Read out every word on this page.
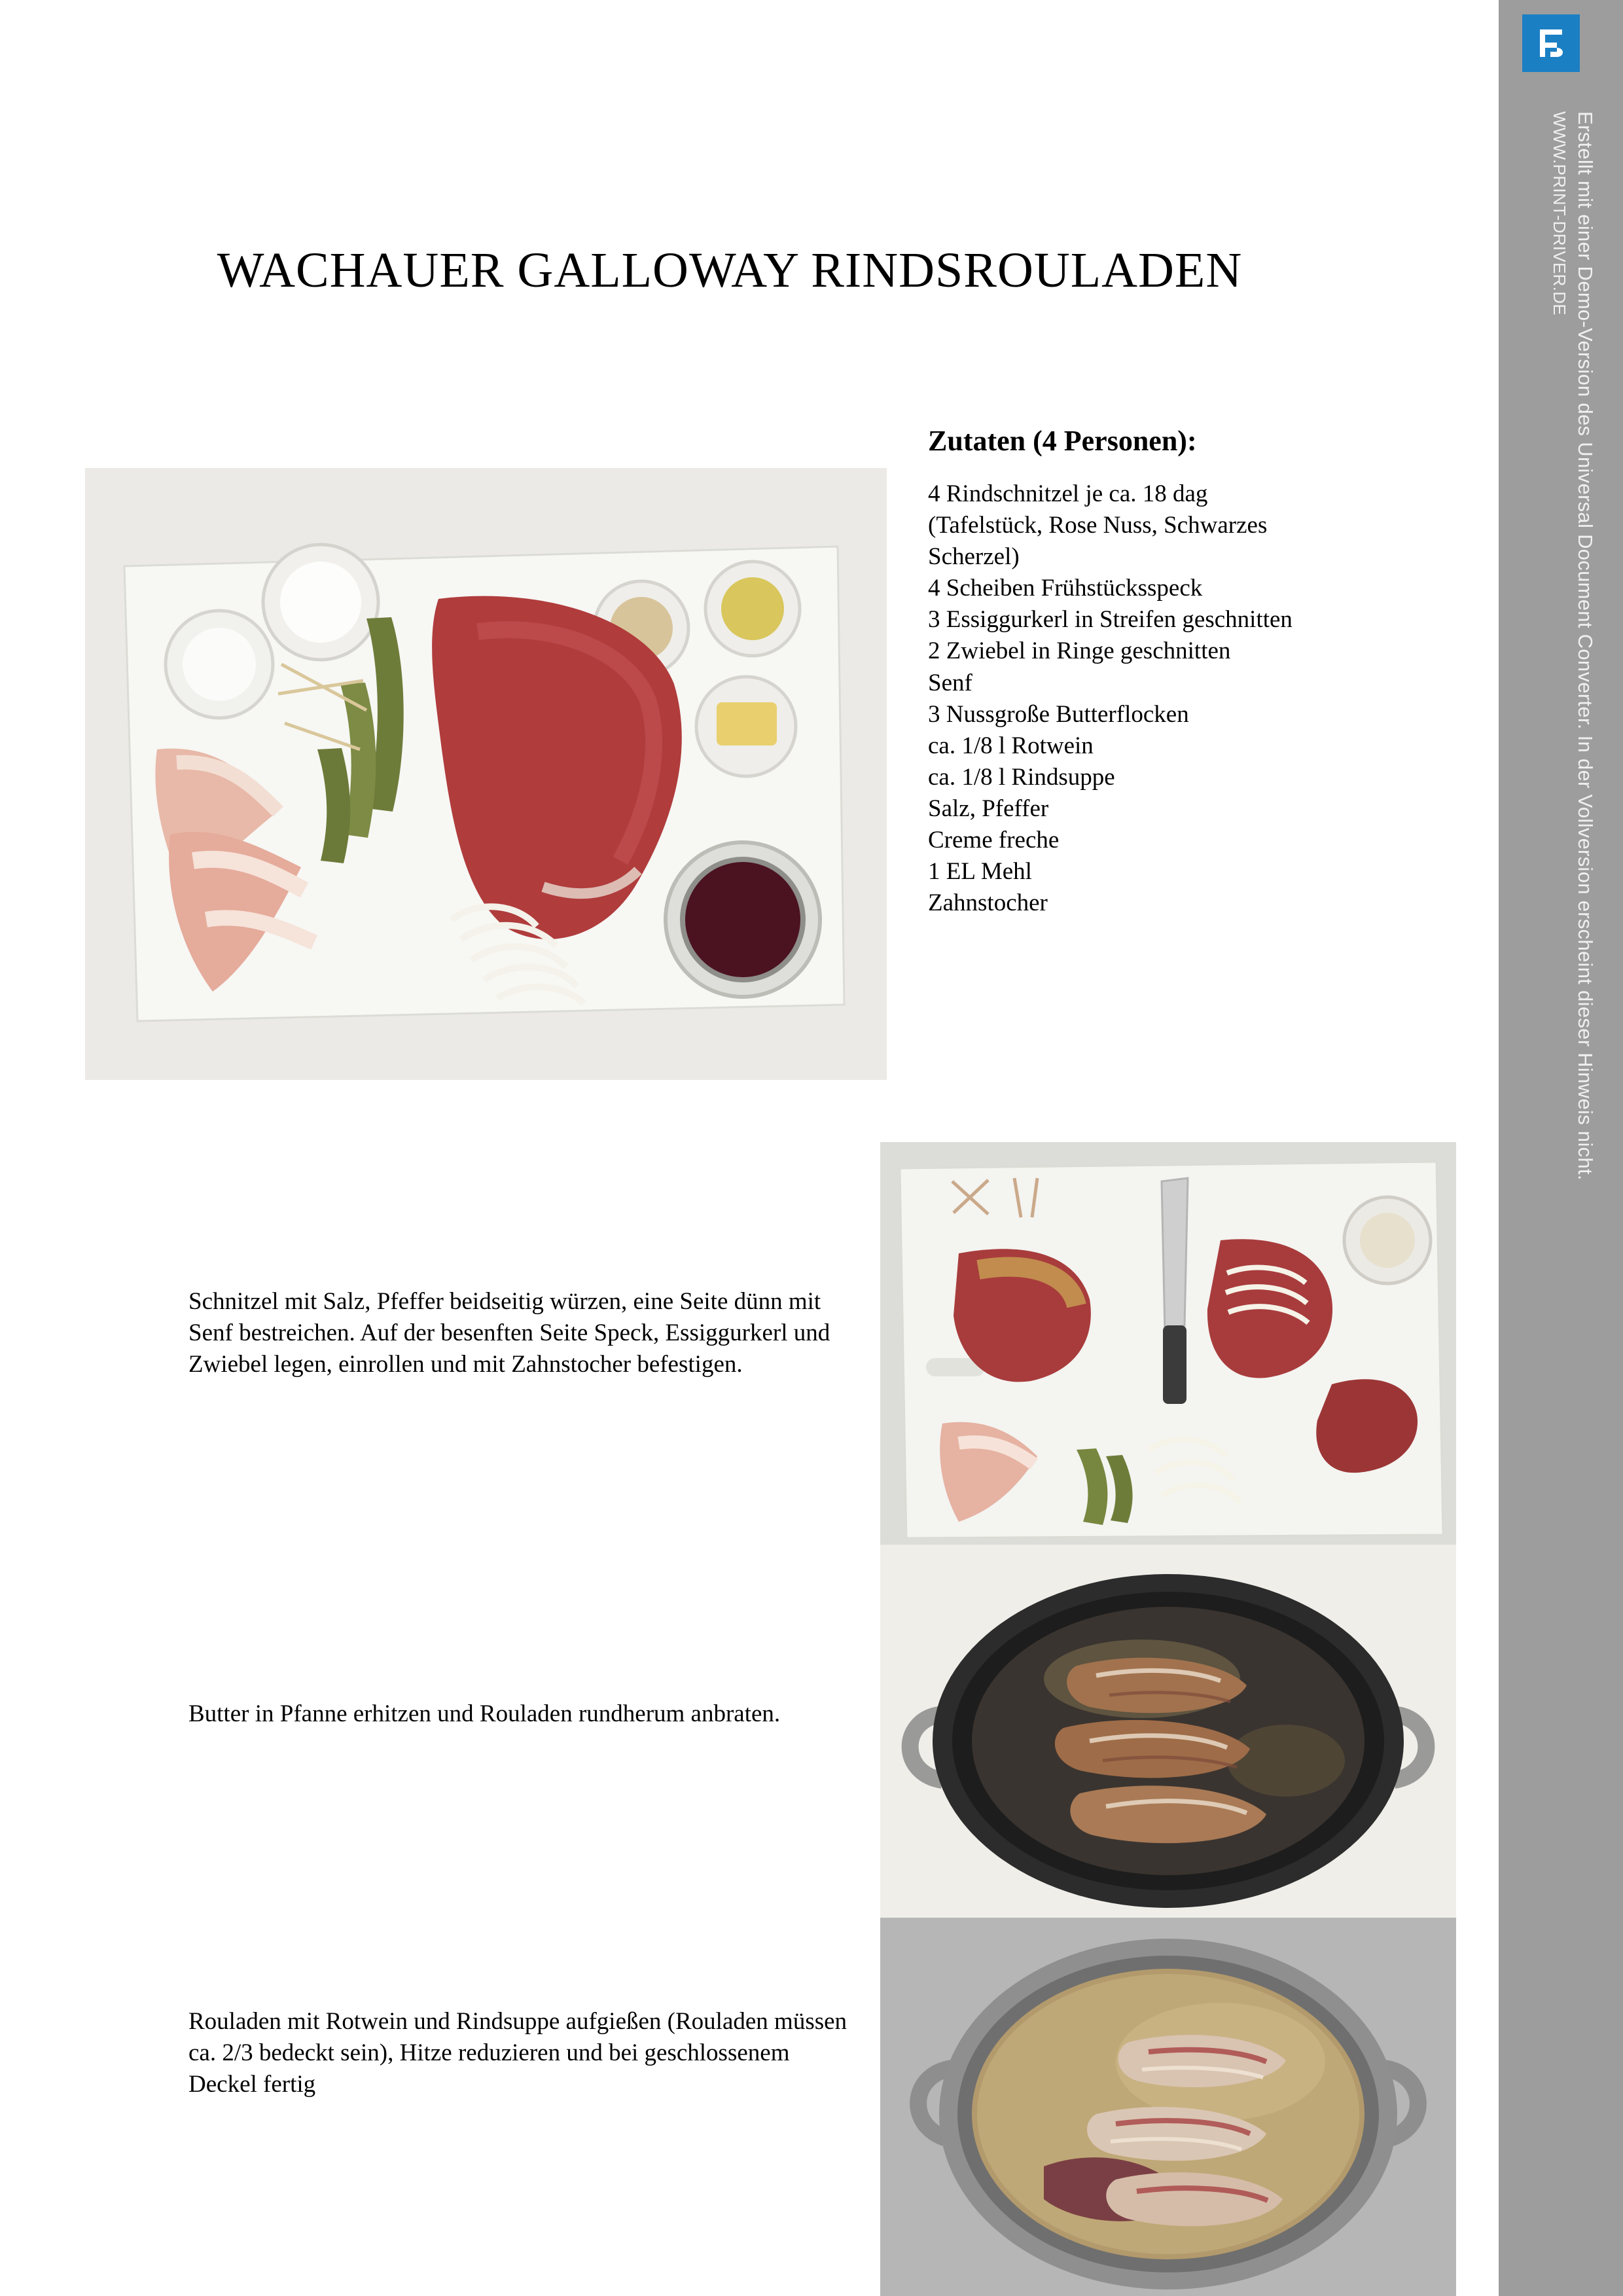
WACHAUER GALLOWAY RINDSROULADEN
Zutaten (4 Personen):
4 Rindschnitzel je ca. 18 dag
(Tafelstück, Rose Nuss, Schwarzes
Scherzel)
4 Scheiben Frühstücksspeck
3 Essiggurkerl in Streifen geschnitten
2 Zwiebel in Ringe geschnitten
Senf
3 Nussgroße Butterflocken
ca. 1/8 l Rotwein
ca. 1/8 l Rindsuppe
Salz, Pfeffer
Creme freche
1 EL Mehl
Zahnstocher
Schnitzel mit Salz, Pfeffer beidseitig würzen, eine Seite dünn mit Senf bestreichen. Auf der besenften Seite Speck, Essiggurkerl und Zwiebel legen, einrollen und mit Zahnstocher befestigen.
Butter in Pfanne erhitzen und Rouladen rundherum anbraten.
Rouladen mit Rotwein und Rindsuppe aufgießen (Rouladen müssen ca. 2/3 bedeckt sein), Hitze reduzieren und bei geschlossenem Deckel fertig
Erstellt mit einer Demo-Version des Universal Document Converter. In der Vollversion erscheint dieser Hinweis nicht.
WWW.PRINT-DRIVER.DE
